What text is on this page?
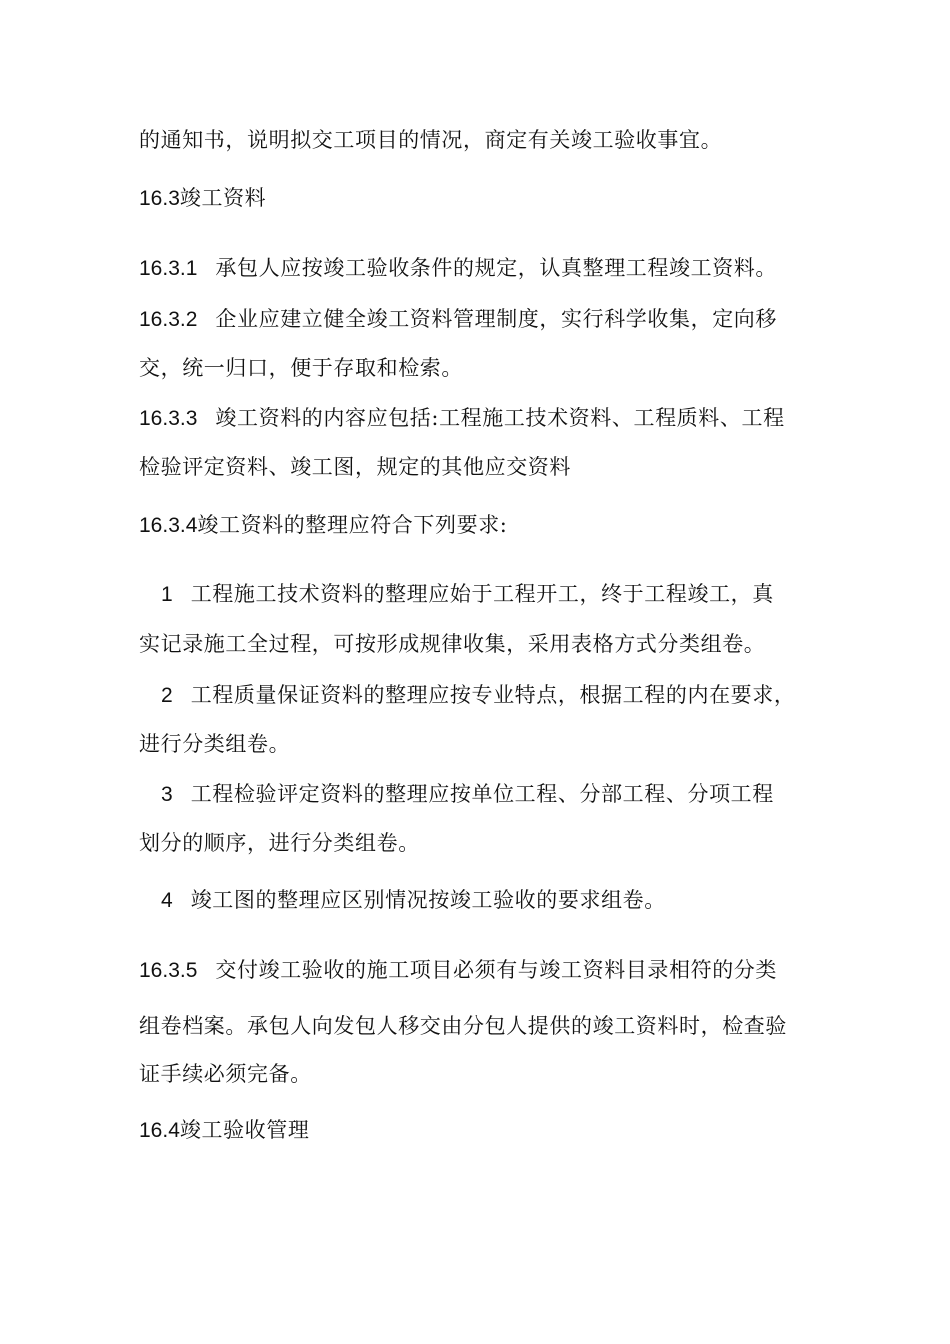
的通知书，说明拟交工项目的情况，商定有关竣工验收事宜。
16.3竣工资料
16.3.1 承包人应按竣工验收条件的规定，认真整理工程竣工资料。
16.3.2 企业应建立健全竣工资料管理制度，实行科学收集，定向移
交，统一归口，便于存取和检索。
16.3.3 竣工资料的内容应包括:工程施工技术资料、工程质料、工程
检验评定资料、竣工图，规定的其他应交资料
16.3.4竣工资料的整理应符合下列要求:
1 工程施工技术资料的整理应始于工程开工，终于工程竣工，真
实记录施工全过程，可按形成规律收集，采用表格方式分类组卷。
2 工程质量保证资料的整理应按专业特点，根据工程的内在要求，
进行分类组卷。
3 工程检验评定资料的整理应按单位工程、分部工程、分项工程
划分的顺序，进行分类组卷。
4 竣工图的整理应区别情况按竣工验收的要求组卷。
16.3.5 交付竣工验收的施工项目必须有与竣工资料目录相符的分类
组卷档案。承包人向发包人移交由分包人提供的竣工资料时，检查验
证手续必须完备。
16.4竣工验收管理
